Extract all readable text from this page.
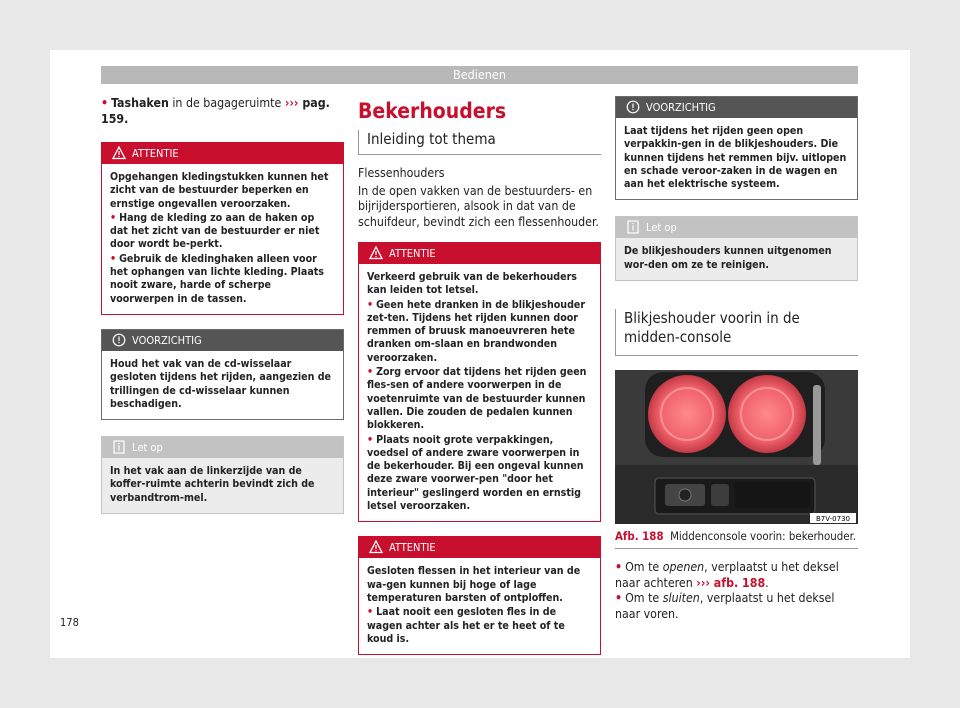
Bedienen

• Tashaken in de bagageruimte ››› pag. 159.

ATTENTIE

Opgehangen kledingstukken kunnen het zicht van de bestuurder beperken en ernstige ongevallen veroorzaken.

• Hang de kleding zo aan de haken op dat het zicht van de bestuurder er niet door wordt be-perkt.

• Gebruik de kledinghaken alleen voor het ophangen van lichte kleding. Plaats nooit zware, harde of scherpe voorwerpen in de tassen.

VOORZICHTIG

Houd het vak van de cd-wisselaar gesloten tijdens het rijden, aangezien de trillingen de cd-wisselaar kunnen beschadigen.

Let op

In het vak aan de linkerzijde van de koffer-ruimte achterin bevindt zich de verbandtrom-mel.

Bekerhouders
Inleiding tot thema

Flessenhouders

In de open vakken van de bestuurders- en bijrijdersportieren, alsook in dat van de schuifdeur, bevindt zich een flessenhouder.

ATTENTIE

Verkeerd gebruik van de bekerhouders kan leiden tot letsel.

• Geen hete dranken in de blikjeshouder zet-ten. Tijdens het rijden kunnen door remmen of bruusk manoeuvreren hete dranken om-slaan en brandwonden veroorzaken.

• Zorg ervoor dat tijdens het rijden geen fles-sen of andere voorwerpen in de voetenruimte van de bestuurder kunnen vallen. Die zouden de pedalen kunnen blokkeren.

• Plaats nooit grote verpakkingen, voedsel of andere zware voorwerpen in de bekerhouder. Bij een ongeval kunnen deze zware voorwer-pen "door het interieur" geslingerd worden en ernstig letsel veroorzaken.

ATTENTIE

Gesloten flessen in het interieur van de wa-gen kunnen bij hoge of lage temperaturen barsten of ontploffen.

• Laat nooit een gesloten fles in de wagen achter als het er te heet of te koud is.

VOORZICHTIG

Laat tijdens het rijden geen open verpakkin-gen in de blikjeshouders. Die kunnen tijdens het remmen bijv. uitlopen en schade veroor-zaken in de wagen en aan het elektrische systeem.

Let op

De blikjeshouders kunnen uitgenomen wor-den om ze te reinigen.

Blikjeshouder voorin in de midden-console
B7V-0730
Afb. 188 Middenconsole voorin: bekerhouder.

• Om te openen, verplaatst u het deksel naar achteren ››› afb. 188.

• Om te sluiten, verplaatst u het deksel naar voren.

178
